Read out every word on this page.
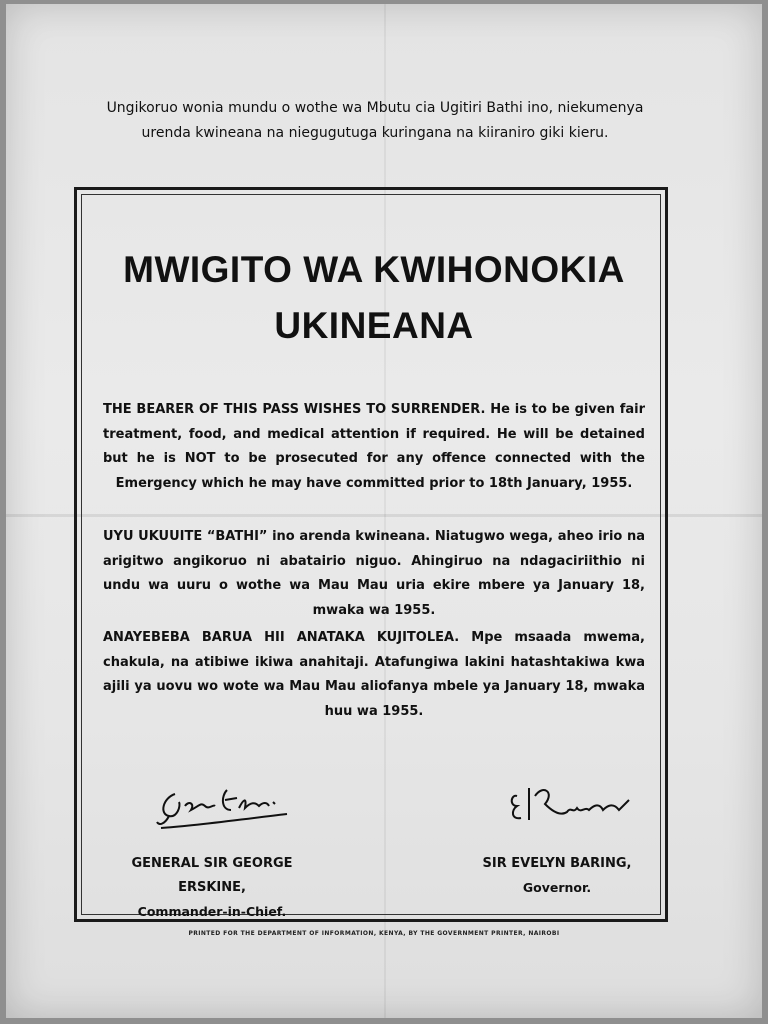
Ungikoruo wonia mundu o wothe wa Mbutu cia Ugitiri Bathi ino, niekumenya
urenda kwineana na niegugutuga kuringana na kiiraniro giki kieru.
MWIGITO WA KWIHONOKIA
UKINEANA
THE BEARER OF THIS PASS WISHES TO SURRENDER. He is to be given fair treatment, food, and medical attention if required. He will be detained but he is NOT to be prosecuted for any offence connected with the Emergency which he may have committed prior to 18th January, 1955.
UYU UKUUITE “BATHI” ino arenda kwineana. Niatugwo wega, aheo irio na arigitwo angikoruo ni abatairio niguo. Ahingiruo na ndagaciriithio ni undu wa uuru o wothe wa Mau Mau uria ekire mbere ya January 18, mwaka wa 1955.
ANAYEBEBA BARUA HII ANATAKA KUJITOLEA. Mpe msaada mwema, chakula, na atibiwe ikiwa anahitaji. Atafungiwa lakini hatashtakiwa kwa ajili ya uovu wo wote wa Mau Mau aliofanya mbele ya January 18, mwaka huu wa 1955.
GENERAL SIR GEORGE ERSKINE,
Commander-in-Chief.
SIR EVELYN BARING,
Governor.
PRINTED FOR THE DEPARTMENT OF INFORMATION, KENYA, BY THE GOVERNMENT PRINTER, NAIROBI
